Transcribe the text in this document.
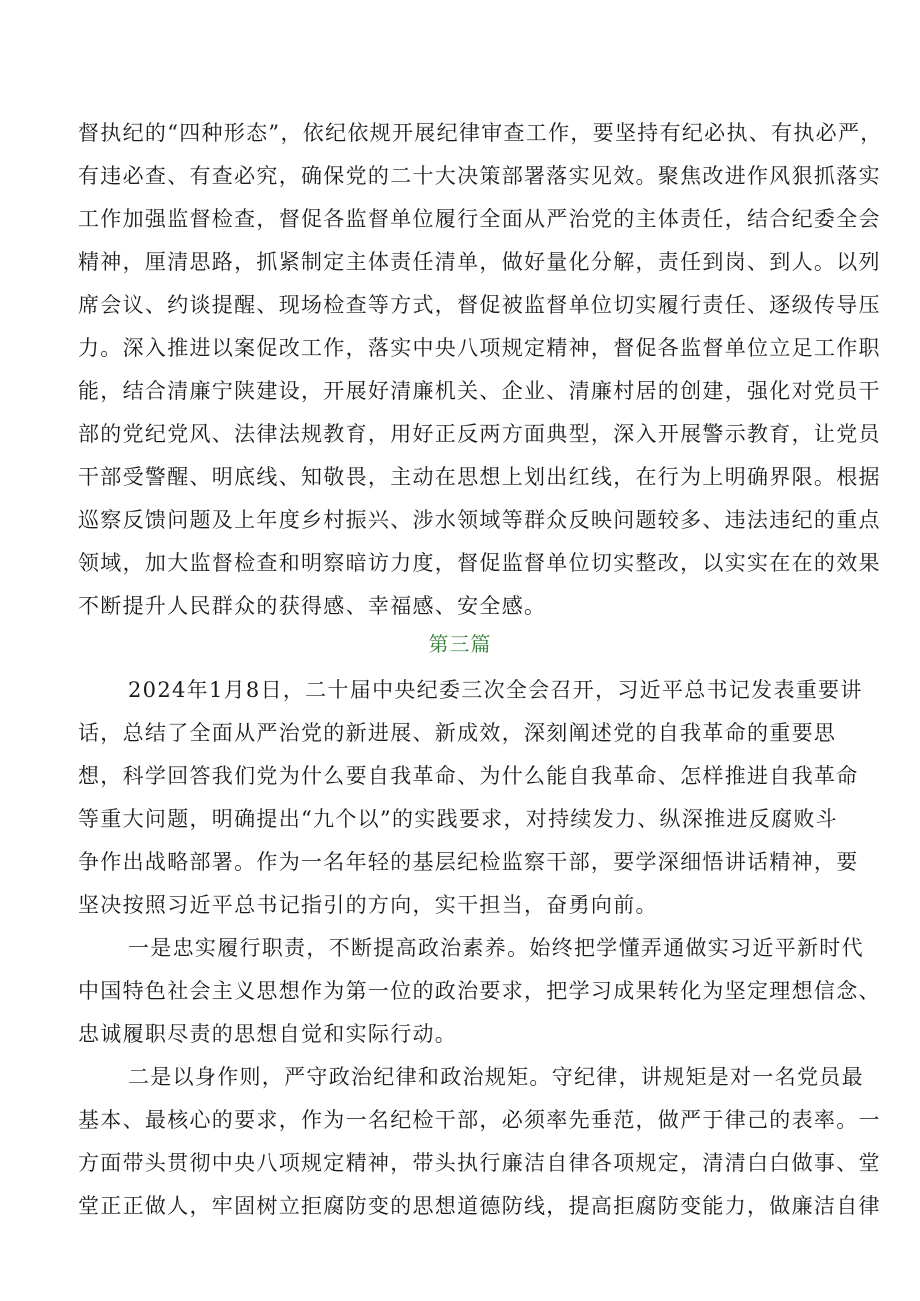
督执纪的“四种形态”，依纪依规开展纪律审查工作，要坚持有纪必执、有执必严，
有违必查、有查必究，确保党的二十大决策部署落实见效。聚焦改进作风狠抓落实
工作加强监督检查，督促各监督单位履行全面从严治党的主体责任，结合纪委全会
精神，厘清思路，抓紧制定主体责任清单，做好量化分解，责任到岗、到人。以列
席会议、约谈提醒、现场检查等方式，督促被监督单位切实履行责任、逐级传导压
力。深入推进以案促改工作，落实中央八项规定精神，督促各监督单位立足工作职
能，结合清廉宁陕建设，开展好清廉机关、企业、清廉村居的创建，强化对党员干
部的党纪党风、法律法规教育，用好正反两方面典型，深入开展警示教育，让党员
干部受警醒、明底线、知敬畏，主动在思想上划出红线，在行为上明确界限。根据
巡察反馈问题及上年度乡村振兴、涉水领域等群众反映问题较多、违法违纪的重点
领域，加大监督检查和明察暗访力度，督促监督单位切实整改，以实实在在的效果
不断提升人民群众的获得感、幸福感、安全感。
第三篇
2024年1月8日，二十届中央纪委三次全会召开，习近平总书记发表重要讲
话，总结了全面从严治党的新进展、新成效，深刻阐述党的自我革命的重要思
想，科学回答我们党为什么要自我革命、为什么能自我革命、怎样推进自我革命
等重大问题，明确提出“九个以”的实践要求，对持续发力、纵深推进反腐败斗
争作出战略部署。作为一名年轻的基层纪检监察干部，要学深细悟讲话精神，要
坚决按照习近平总书记指引的方向，实干担当，奋勇向前。
一是忠实履行职责，不断提高政治素养。始终把学懂弄通做实习近平新时代
中国特色社会主义思想作为第一位的政治要求，把学习成果转化为坚定理想信念、
忠诚履职尽责的思想自觉和实际行动。
二是以身作则，严守政治纪律和政治规矩。守纪律，讲规矩是对一名党员最
基本、最核心的要求，作为一名纪检干部，必须率先垂范，做严于律己的表率。一
方面带头贯彻中央八项规定精神，带头执行廉洁自律各项规定，清清白白做事、堂
堂正正做人，牢固树立拒腐防变的思想道德防线，提高拒腐防变能力，做廉洁自律
